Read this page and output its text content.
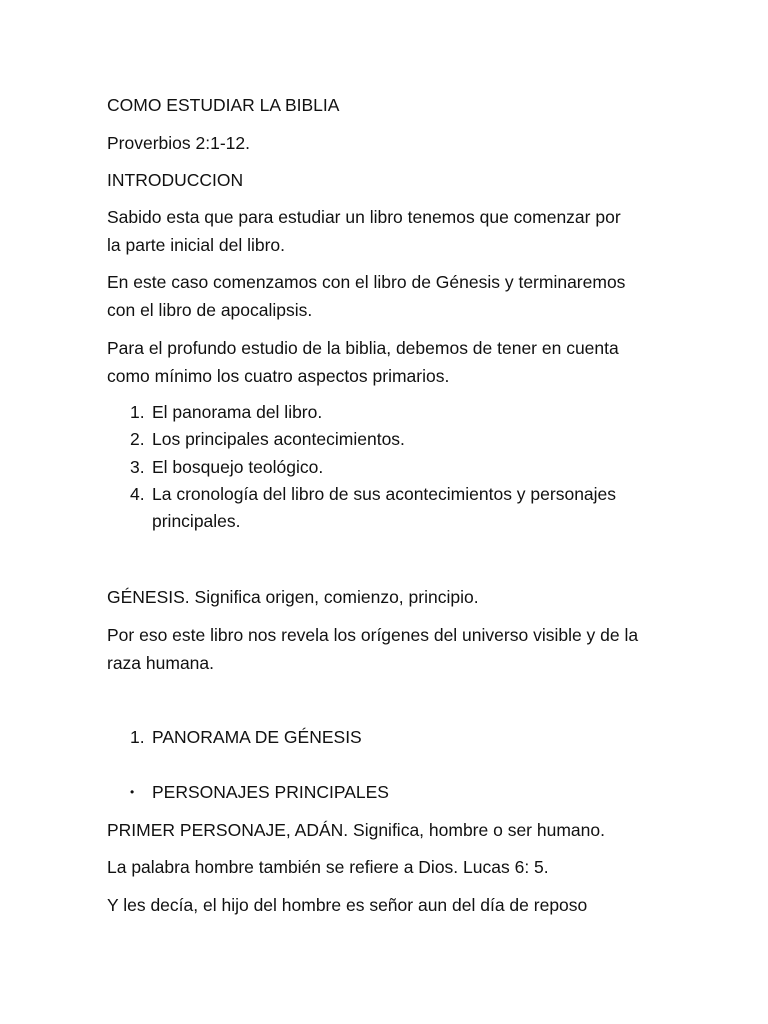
COMO ESTUDIAR LA BIBLIA

Proverbios 2:1-12.

INTRODUCCION

Sabido esta que para estudiar un libro tenemos que comenzar por

la parte inicial del libro.

En este caso comenzamos con el libro de Génesis y terminaremos

con el libro de apocalipsis.

Para el profundo estudio de la biblia, debemos de tener en cuenta

como mínimo los cuatro aspectos primarios.

1. El panorama del libro.
2. Los principales acontecimientos.
3. El bosquejo teológico.
4. La cronología del libro de sus acontecimientos y personajes
principales.

GÉNESIS. Significa origen, comienzo, principio.

Por eso este libro nos revela los orígenes del universo visible y de la

raza humana.

1. PANORAMA DE GÉNESIS
• PERSONAJES PRINCIPALES

PRIMER PERSONAJE, ADÁN. Significa, hombre o ser humano.

La palabra hombre también se refiere a Dios. Lucas 6: 5.

Y les decía, el hijo del hombre es señor aun del día de reposo
